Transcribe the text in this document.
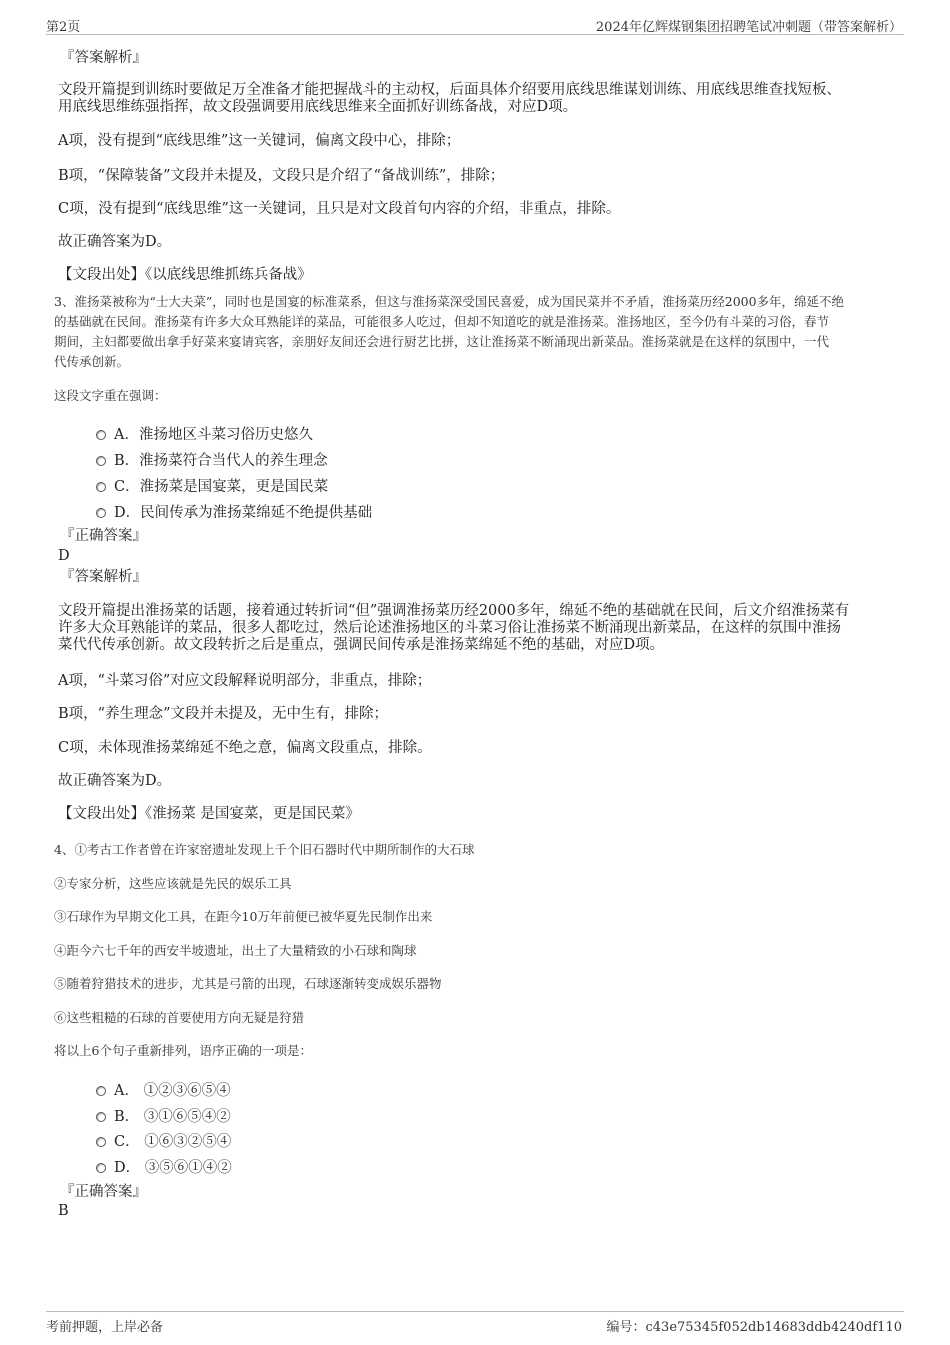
第2页	2024年亿辉煤钢集团招聘笔试冲刺题（带答案解析）
『答案解析』
文段开篇提到训练时要做足万全准备才能把握战斗的主动权，后面具体介绍要用底线思维谋划训练、用底线思维查找短板、
用底线思维练强指挥，故文段强调要用底线思维来全面抓好训练备战，对应D项。
A项，没有提到“底线思维”这一关键词，偏离文段中心，排除；
B项，“保障装备”文段并未提及，文段只是介绍了“备战训练”，排除；
C项，没有提到“底线思维”这一关键词，且只是对文段首句内容的介绍，非重点，排除。
故正确答案为D。
【文段出处】《以底线思维抓练兵备战》
3、淮扬菜被称为“士大夫菜”，同时也是国宴的标准菜系，但这与淮扬菜深受国民喜爱，成为国民菜并不矛盾，淮扬菜历经2000多年，绵延不绝
的基础就在民间。淮扬菜有许多大众耳熟能详的菜品，可能很多人吃过，但却不知道吃的就是淮扬菜。淮扬地区，至今仍有斗菜的习俗，春节
期间，主妇都要做出拿手好菜来宴请宾客，亲朋好友间还会进行厨艺比拼，这让淮扬菜不断涌现出新菜品。淮扬菜就是在这样的氛围中，一代
代传承创新。
这段文字重在强调：
A．淮扬地区斗菜习俗历史悠久
B．淮扬菜符合当代人的养生理念
C．淮扬菜是国宴菜，更是国民菜
D．民间传承为淮扬菜绵延不绝提供基础
『正确答案』
D
『答案解析』
文段开篇提出淮扬菜的话题，接着通过转折词“但”强调淮扬菜历经2000多年，绵延不绝的基础就在民间，后文介绍淮扬菜有
许多大众耳熟能详的菜品，很多人都吃过，然后论述淮扬地区的斗菜习俗让淮扬菜不断涌现出新菜品，在这样的氛围中淮扬
菜代代传承创新。故文段转折之后是重点，强调民间传承是淮扬菜绵延不绝的基础，对应D项。
A项，“斗菜习俗”对应文段解释说明部分，非重点，排除；
B项，“养生理念”文段并未提及，无中生有，排除；
C项，未体现淮扬菜绵延不绝之意，偏离文段重点，排除。
故正确答案为D。
【文段出处】《淮扬菜 是国宴菜，更是国民菜》
4、①考古工作者曾在许家窑遗址发现上千个旧石器时代中期所制作的大石球
②专家分析，这些应该就是先民的娱乐工具
③石球作为早期文化工具，在距今10万年前便已被华夏先民制作出来
④距今六七千年的西安半坡遗址，出土了大量精致的小石球和陶球
⑤随着狩猎技术的进步，尤其是弓箭的出现，石球逐渐转变成娱乐器物
⑥这些粗糙的石球的首要使用方向无疑是狩猎
将以上6个句子重新排列，语序正确的一项是：
A． ①②③⑥⑤④
B． ③①⑥⑤④②
C． ①⑥③②⑤④
D． ③⑤⑥①④②
『正确答案』
B
考前押题，上岸必备	编号：c43e75345f052db14683ddb4240df110
